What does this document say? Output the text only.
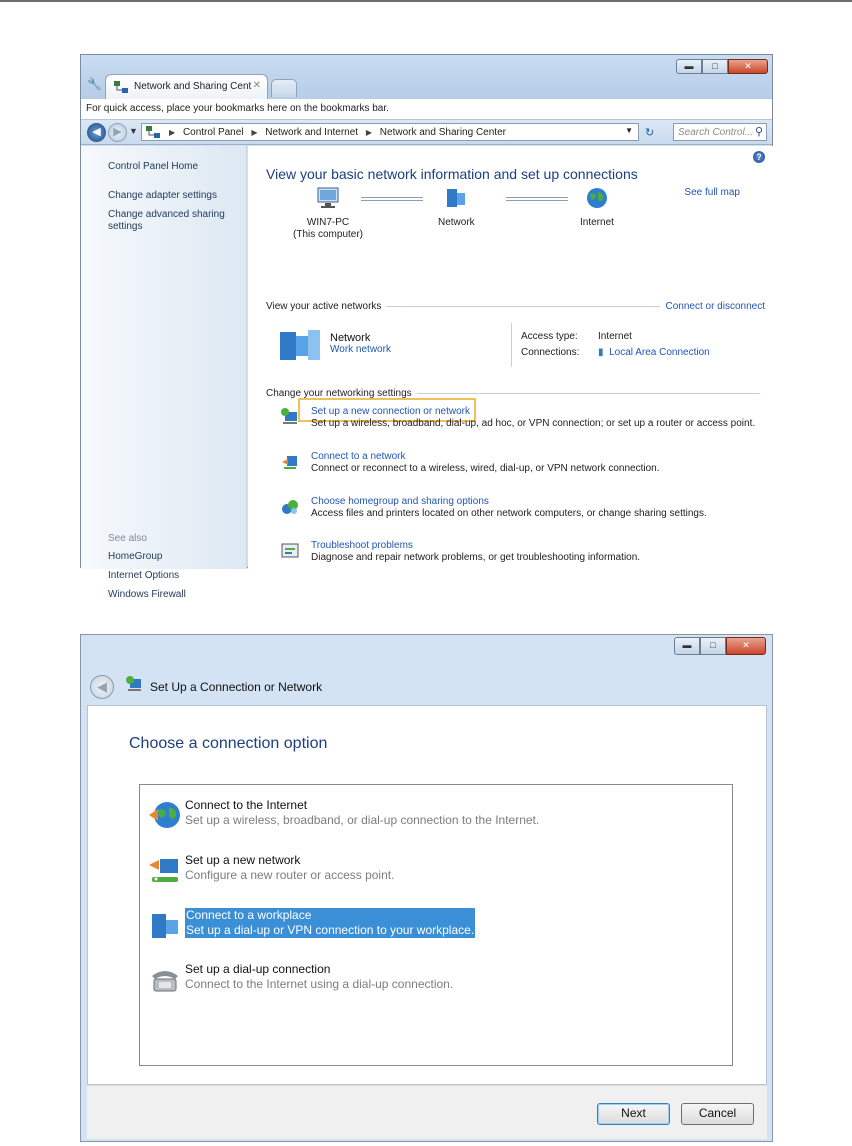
🔧	Network and Sharing Cent ✕
▬	□	✕
For quick access, place your bookmarks here on the bookmarks bar.
◀	▶ ▼	▶ Control Panel ▶ Network and Internet ▶ Network and Sharing Center	▼ ↻	Search Control... ⚲
Control Panel Home
Change adapter settings
Change advanced sharing
settings
See also
HomeGroup
Internet Options
Windows Firewall
?
View your basic network information and set up connections
See full map
WIN7-PC
(This computer)
Network	Internet
View your active networks	Connect or disconnect
Network
Work network
Access type: Internet
Connections: ▮ Local Area Connection
Change your networking settings
Set up a new connection or network
Set up a wireless, broadband, dial-up, ad hoc, or VPN connection; or set up a router or access point.
Connect to a network
Connect or reconnect to a wireless, wired, dial-up, or VPN network connection.
Choose homegroup and sharing options
Access files and printers located on other network computers, or change sharing settings.
Troubleshoot problems
Diagnose and repair network problems, or get troubleshooting information.
▬	□	✕
◀	Set Up a Connection or Network
Choose a connection option
Connect to the Internet
Set up a wireless, broadband, or dial-up connection to the Internet.
Set up a new network
Configure a new router or access point.
Connect to a workplace
Set up a dial-up or VPN connection to your workplace.
Set up a dial-up connection
Connect to the Internet using a dial-up connection.
Next	Cancel
